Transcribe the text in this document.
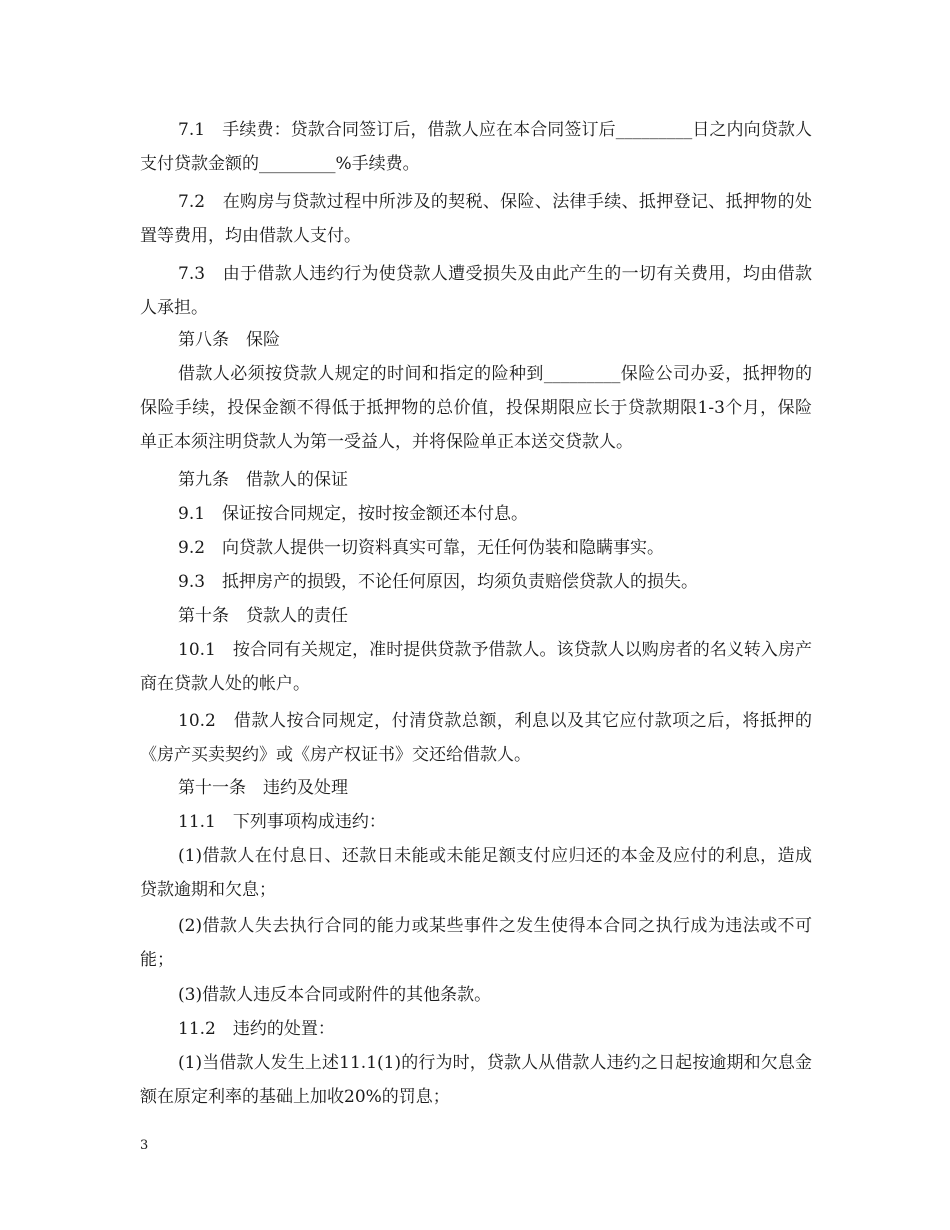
7.1　手续费：贷款合同签订后，借款人应在本合同签订后_________日之内向贷款人支付贷款金额的_________%手续费。

7.2　在购房与贷款过程中所涉及的契税、保险、法律手续、抵押登记、抵押物的处置等费用，均由借款人支付。

7.3　由于借款人违约行为使贷款人遭受损失及由此产生的一切有关费用，均由借款人承担。

第八条　保险

借款人必须按贷款人规定的时间和指定的险种到_________保险公司办妥，抵押物的保险手续，投保金额不得低于抵押物的总价值，投保期限应长于贷款期限1-3个月，保险单正本须注明贷款人为第一受益人，并将保险单正本送交贷款人。

第九条　借款人的保证

9.1　保证按合同规定，按时按金额还本付息。

9.2　向贷款人提供一切资料真实可靠，无任何伪装和隐瞒事实。

9.3　抵押房产的损毁，不论任何原因，均须负责赔偿贷款人的损失。

第十条　贷款人的责任

10.1　按合同有关规定，准时提供贷款予借款人。该贷款人以购房者的名义转入房产商在贷款人处的帐户。

10.2　借款人按合同规定，付清贷款总额，利息以及其它应付款项之后，将抵押的《房产买卖契约》或《房产权证书》交还给借款人。

第十一条　违约及处理

11.1　下列事项构成违约：

(1)借款人在付息日、还款日未能或未能足额支付应归还的本金及应付的利息，造成贷款逾期和欠息；

(2)借款人失去执行合同的能力或某些事件之发生使得本合同之执行成为违法或不可能；

(3)借款人违反本合同或附件的其他条款。

11.2　违约的处置：

(1)当借款人发生上述11.1(1)的行为时，贷款人从借款人违约之日起按逾期和欠息金额在原定利率的基础上加收20%的罚息；

3
